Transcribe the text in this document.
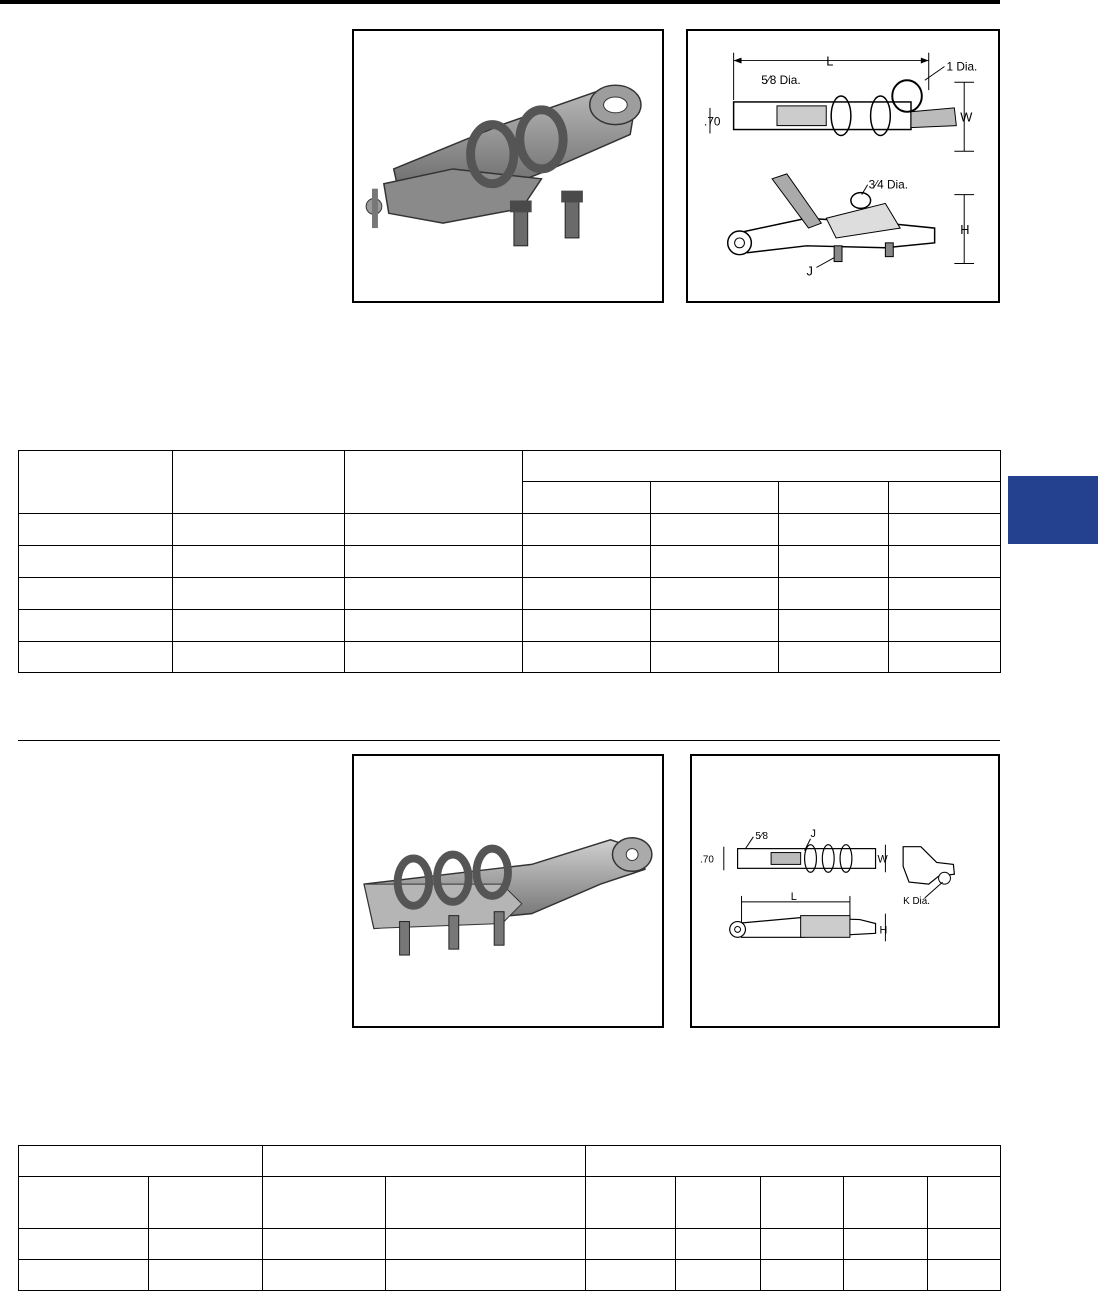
L
5⁄8 Dia.
1 Dia.
.70	W
3⁄4 Dia.
H
J

.70
5⁄8	J
W
K Dia.
L
H
